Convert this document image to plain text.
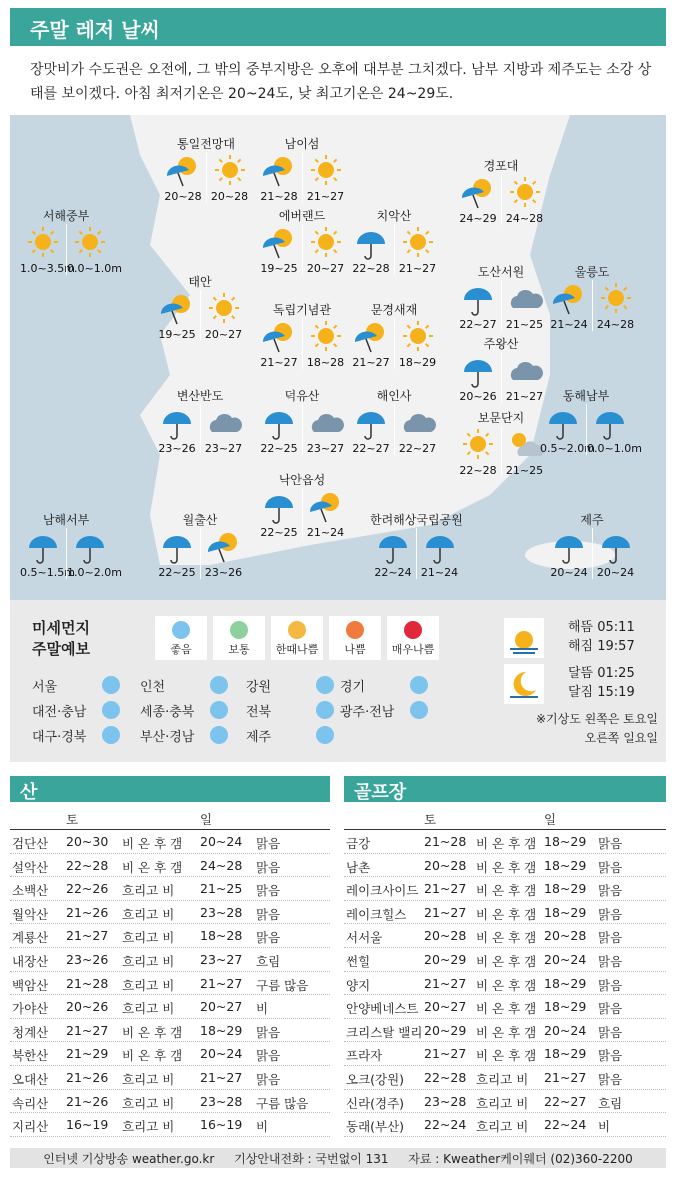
주말 레저 날씨
장맛비가 수도권은 오전에, 그 밖의 중부지방은 오후에 대부분 그치겠다. 남부 지방과 제주도는 소강 상태를 보이겠다. 아침 최저기온은 20~24도, 낮 최고기온은 24~29도.
통일전망대
20~28 20~28
남이섬
21~28 21~27
경포대
24~29 24~28
서해중부
1.0~3.5m
0.0~1.0m
에버랜드
19~25 20~27
치악산
22~28 21~27
태안
19~25 20~27
도산서원
22~27 21~25
울릉도
21~24 24~28
독립기념관
21~27 18~28
문경새재
21~27 18~29
주왕산
20~26 21~27
변산반도
23~26 23~27
덕유산
22~25 23~27
해인사
22~27 22~27
보문단지
22~28 21~25
동해남부
0.5~2.0m
0.0~1.0m
낙안읍성
22~25 21~24
남해서부
0.5~1.5m
1.0~2.0m
월출산
22~25 23~26
한려해상국립공원
22~24 21~24
제주
20~24 20~24
미세먼지
주말예보	좋음	보통	한때나쁨	나쁨	매우나쁨
서울	인천	강원	경기
대전·충남	세종·충북	전북	광주·전남
대구·경북	부산·경남	제주
해뜸 05:11
해짐 19:57
달뜸 01:25
달짐 15:19
※기상도 왼쪽은 토요일
오른쪽 일요일
산	골프장
토	일
검단산 20~30 비 온 후 갬 20~24 맑음
설악산 22~28 비 온 후 갬 24~28 맑음
소백산 22~26 흐리고 비 21~25 맑음
월악산 21~26 흐리고 비 23~28 맑음
계룡산 21~27 흐리고 비 18~28 맑음
내장산 23~26 흐리고 비 23~27 흐림
백암산 21~28 흐리고 비 21~27 구름 많음
가야산 20~26 흐리고 비 20~27 비
청계산 21~27 비 온 후 갬 18~29 맑음
북한산 21~29 비 온 후 갬 20~24 맑음
오대산 21~26 흐리고 비 21~27 맑음
속리산 21~26 흐리고 비 23~28 구름 많음
지리산 16~19 흐리고 비 16~19 비
토	일
금강	21~28 비 온 후 갬 18~29 맑음
남촌	20~28 비 온 후 갬 18~29 맑음
레이크사이드 21~27 비 온 후 갬 18~29 맑음
레이크힐스 21~27 비 온 후 갬 18~29 맑음
서서울	20~28 비 온 후 갬 20~28 맑음
썬힐	20~29 비 온 후 갬 20~24 맑음
양지	21~27 비 온 후 갬 18~29 맑음
안양베네스트 20~27 비 온 후 갬 18~29 맑음
크리스탈 밸리 20~29 비 온 후 갬 20~24 맑음
프라자	21~27 비 온 후 갬 18~29 맑음
오크(강원) 22~28 흐리고 비 21~27 맑음
신라(경주) 23~28 흐리고 비 22~27 흐림
동래(부산) 22~24 흐리고 비 22~24 비
인터넷 기상방송 weather.go.kr 기상안내전화 : 국번없이 131 자료 : Kweather케이웨더 (02)360-2200
